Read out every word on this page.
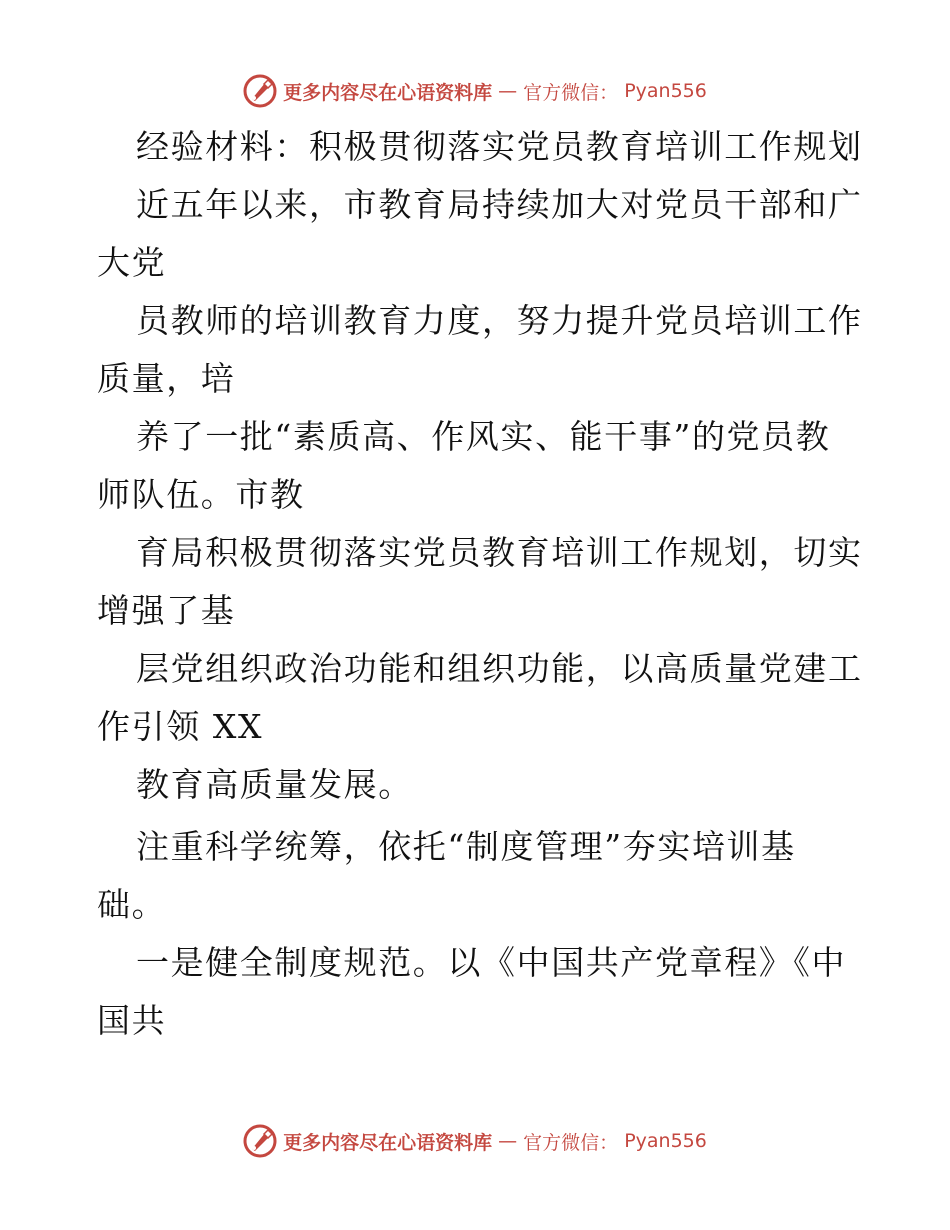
更多内容尽在心语资料库 — 官方微信： Pyan556
经验材料：积极贯彻落实党员教育培训工作规划
近五年以来，市教育局持续加大对党员干部和广
大党
员教师的培训教育力度，努力提升党员培训工作
质量，培
养了一批“素质高、作风实、能干事”的党员教
师队伍。市教
育局积极贯彻落实党员教育培训工作规划，切实
增强了基
层党组织政治功能和组织功能，以高质量党建工
作引领 XX
教育高质量发展。
注重科学统筹，依托“制度管理”夯实培训基
础。
一是健全制度规范。以《中国共产党章程》《中
国共
更多内容尽在心语资料库 — 官方微信： Pyan556
